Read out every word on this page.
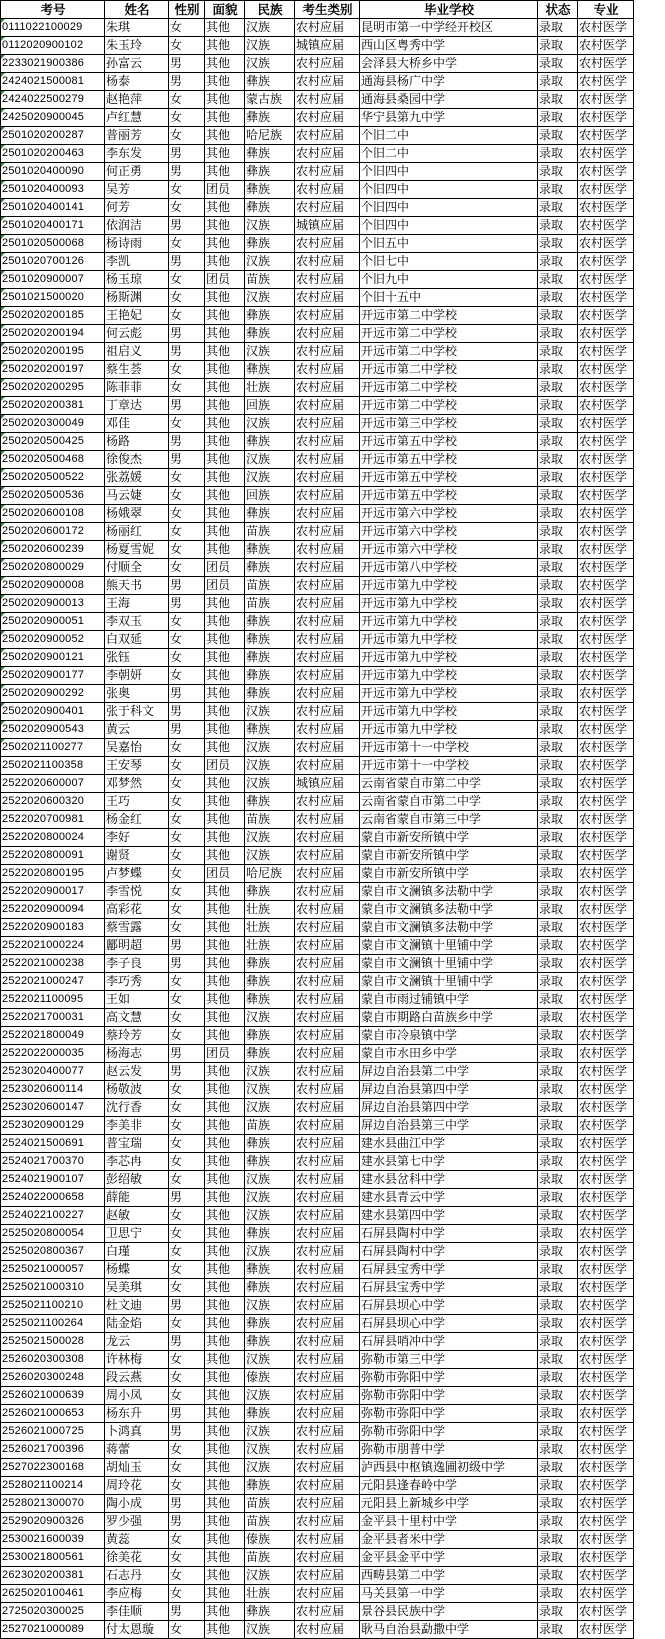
考号	姓名	性别	面貌	民族	考生类别	毕业学校	状态	专业
0111022100029	朱琪	女	其他	汉族	农村应届	昆明市第一中学经开校区	录取	农村医学
0112020900102	朱玉玲	女	其他	汉族	城镇应届	西山区粤秀中学	录取	农村医学
2233021900386	孙富云	男	其他	汉族	农村应届	会泽县大桥乡中学	录取	农村医学
2424021500081	杨泰	男	其他	彝族	农村应届	通海县杨广中学	录取	农村医学
2424022500279	赵艳萍	女	其他	蒙古族	农村应届	通海县桑园中学	录取	农村医学
2425020900045	卢红慧	女	其他	彝族	农村应届	华宁县第九中学	录取	农村医学
2501020200287	普丽芳	女	其他	哈尼族	农村应届	个旧二中	录取	农村医学
2501020200463	李东发	男	其他	彝族	农村应届	个旧二中	录取	农村医学
2501020400090	何正勇	男	其他	彝族	农村应届	个旧四中	录取	农村医学
2501020400093	吴芳	女	团员	彝族	农村应届	个旧四中	录取	农村医学
2501020400141	何芳	女	其他	彝族	农村应届	个旧四中	录取	农村医学
2501020400171	依润洁	男	其他	汉族	城镇应届	个旧四中	录取	农村医学
2501020500068	杨诗雨	女	其他	彝族	农村应届	个旧五中	录取	农村医学
2501020700126	李凯	男	其他	汉族	农村应届	个旧七中	录取	农村医学
2501020900007	杨玉琼	女	团员	苗族	农村应届	个旧九中	录取	农村医学
2501021500020	杨斯渊	女	其他	汉族	农村应届	个旧十五中	录取	农村医学
2502020200185	王艳妃	女	其他	彝族	农村应届	开远市第二中学校	录取	农村医学
2502020200194	何云彪	男	其他	彝族	农村应届	开远市第二中学校	录取	农村医学
2502020200195	祖启义	男	其他	汉族	农村应届	开远市第二中学校	录取	农村医学
2502020200197	蔡生荟	女	其他	彝族	农村应届	开远市第二中学校	录取	农村医学
2502020200295	陈菲菲	女	其他	壮族	农村应届	开远市第二中学校	录取	农村医学
2502020200381	丁章达	男	其他	回族	农村应届	开远市第二中学校	录取	农村医学
2502020300049	邓佳	女	其他	汉族	农村应届	开远市第三中学校	录取	农村医学
2502020500425	杨路	男	其他	彝族	农村应届	开远市第五中学校	录取	农村医学
2502020500468	徐俊杰	男	其他	汉族	农村应届	开远市第五中学校	录取	农村医学
2502020500522	张荔媛	女	其他	汉族	农村应届	开远市第五中学校	录取	农村医学
2502020500536	马云婕	女	其他	回族	农村应届	开远市第五中学校	录取	农村医学
2502020600108	杨娥翠	女	其他	彝族	农村应届	开远市第六中学校	录取	农村医学
2502020600172	杨丽红	女	其他	苗族	农村应届	开远市第六中学校	录取	农村医学
2502020600239	杨夏雪妮	女	其他	彝族	农村应届	开远市第六中学校	录取	农村医学
2502020800029	付顺全	女	团员	彝族	农村应届	开远市第八中学校	录取	农村医学
2502020900008	熊天书	男	团员	苗族	农村应届	开远市第九中学校	录取	农村医学
2502020900013	王海	男	其他	苗族	农村应届	开远市第九中学校	录取	农村医学
2502020900051	李双玉	女	其他	彝族	农村应届	开远市第九中学校	录取	农村医学
2502020900052	白双延	女	其他	彝族	农村应届	开远市第九中学校	录取	农村医学
2502020900121	张钰	女	其他	彝族	农村应届	开远市第九中学校	录取	农村医学
2502020900177	李朝妍	女	其他	彝族	农村应届	开远市第九中学校	录取	农村医学
2502020900292	张奥	男	其他	彝族	农村应届	开远市第九中学校	录取	农村医学
2502020900401	张于科文	男	其他	汉族	农村应届	开远市第九中学校	录取	农村医学
2502020900543	黄云	男	其他	彝族	农村应届	开远市第九中学校	录取	农村医学
2502021100277	吴嘉怡	女	其他	汉族	农村应届	开远市第十一中学校	录取	农村医学
2502021100358	王安琴	女	团员	汉族	农村应届	开远市第十一中学校	录取	农村医学
2522020600007	邓梦然	女	其他	汉族	城镇应届	云南省蒙自市第二中学	录取	农村医学
2522020600320	王巧	女	其他	彝族	农村应届	云南省蒙自市第二中学	录取	农村医学
2522020700981	杨金红	女	其他	苗族	农村应届	云南省蒙自市第三中学	录取	农村医学
2522020800024	李好	女	其他	汉族	农村应届	蒙自市新安所镇中学	录取	农村医学
2522020800091	谢贤	女	其他	汉族	农村应届	蒙自市新安所镇中学	录取	农村医学
2522020800195	卢梦蝶	女	团员	哈尼族	农村应届	蒙自市新安所镇中学	录取	农村医学
2522020900017	李雪悦	女	其他	彝族	农村应届	蒙自市文澜镇多法勒中学	录取	农村医学
2522020900094	高彩花	女	其他	壮族	农村应届	蒙自市文澜镇多法勒中学	录取	农村医学
2522020900183	蔡雪露	女	其他	壮族	农村应届	蒙自市文澜镇多法勒中学	录取	农村医学
2522021000224	酈明超	男	其他	壮族	农村应届	蒙自市文澜镇十里铺中学	录取	农村医学
2522021000238	李子良	男	其他	彝族	农村应届	蒙自市文澜镇十里铺中学	录取	农村医学
2522021000247	李巧秀	女	其他	彝族	农村应届	蒙自市文澜镇十里铺中学	录取	农村医学
2522021100095	王如	女	其他	彝族	农村应届	蒙自市雨过铺镇中学	录取	农村医学
2522021700031	高文慧	女	其他	汉族	农村应届	蒙自市期路白苗族乡中学	录取	农村医学
2522021800049	蔡玲芳	女	其他	彝族	农村应届	蒙自市冷泉镇中学	录取	农村医学
2522022000035	杨海志	男	团员	彝族	农村应届	蒙自市水田乡中学	录取	农村医学
2523020400077	赵云发	男	其他	汉族	农村应届	屏边自治县第二中学	录取	农村医学
2523020600114	杨敬波	女	其他	汉族	农村应届	屏边自治县第四中学	录取	农村医学
2523020600147	沈行香	女	其他	汉族	农村应届	屏边自治县第四中学	录取	农村医学
2523020900129	李美非	女	其他	苗族	农村应届	屏边自治县第三中学	录取	农村医学
2524021500691	普宝瑞	女	其他	彝族	农村应届	建水县曲江中学	录取	农村医学
2524021700370	李芯冉	女	其他	彝族	农村应届	建水县第七中学	录取	农村医学
2524021900107	彭绍敏	女	其他	汉族	农村应届	建水县岔科中学	录取	农村医学
2524022000658	薛能	男	其他	汉族	农村应届	建水县青云中学	录取	农村医学
2524022100227	赵敏	女	其他	汉族	农村应届	建水县第四中学	录取	农村医学
2525020800054	卫思宁	女	其他	彝族	农村应届	石屏县陶村中学	录取	农村医学
2525020800367	白瑾	女	其他	汉族	农村应届	石屏县陶村中学	录取	农村医学
2525021000057	杨蝶	女	其他	彝族	农村应届	石屏县宝秀中学	录取	农村医学
2525021000310	吴美琪	女	其他	彝族	农村应届	石屏县宝秀中学	录取	农村医学
2525021100210	杜文迪	男	其他	汉族	农村应届	石屏县坝心中学	录取	农村医学
2525021100264	陆金焰	女	其他	彝族	农村应届	石屏县坝心中学	录取	农村医学
2525021500028	龙云	男	其他	彝族	农村应届	石屏县哨冲中学	录取	农村医学
2526020300308	许林梅	女	其他	汉族	农村应届	弥勒市第三中学	录取	农村医学
2526020300248	段云燕	女	其他	傣族	农村应届	弥勒市弥阳中学	录取	农村医学
2526021000639	周小凤	女	其他	汉族	农村应届	弥勒市弥阳中学	录取	农村医学
2526021000653	杨东升	男	其他	彝族	农村应届	弥勒市弥阳中学	录取	农村医学
2526021000725	卜鸿真	男	其他	汉族	农村应届	弥勒市弥阳中学	录取	农村医学
2526021700396	蒋蕾	女	其他	汉族	农村应届	弥勒市朋普中学	录取	农村医学
2527022300168	胡灿玉	女	其他	汉族	农村应届	泸西县中枢镇逸圃初级中学	录取	农村医学
2528021100214	周玲花	女	其他	彝族	农村应届	元阳县逢春岭中学	录取	农村医学
2528021300070	陶小成	男	其他	苗族	农村应届	元阳县上新城乡中学	录取	农村医学
2529020900326	罗少强	男	其他	苗族	农村应届	金平县十里村中学	录取	农村医学
2530021600039	黄蕊	女	其他	傣族	农村应届	金平县者米中学	录取	农村医学
2530021800561	徐美花	女	其他	苗族	农村应届	金平县金平中学	录取	农村医学
2623020200381	石志丹	女	其他	汉族	农村应届	西畴县第二中学	录取	农村医学
2625020100461	李应梅	女	其他	壮族	农村应届	马关县第一中学	录取	农村医学
2725020300025	李佳顺	男	其他	彝族	农村应届	景谷县民族中学	录取	农村医学
2527021000089	付太恩璇	女	其他	汉族	农村应届	耿马自治县勐撒中学	录取	农村医学
